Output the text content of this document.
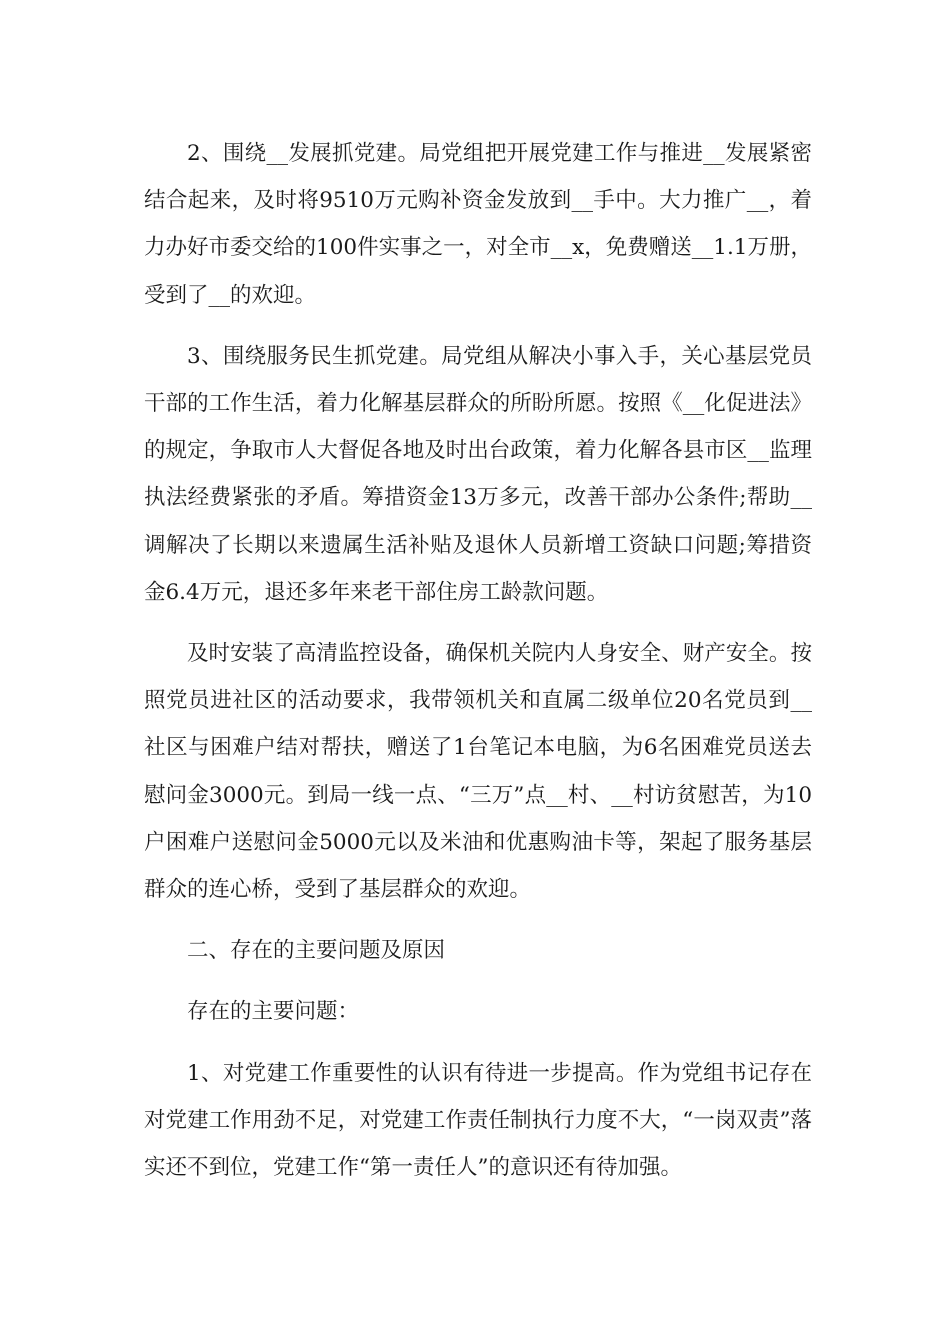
2、围绕__发展抓党建。局党组把开展党建工作与推进__发展紧密结合起来，及时将9510万元购补资金发放到__手中。大力推广__，着力办好市委交给的100件实事之一，对全市__x，免费赠送__1.1万册，受到了__的欢迎。

3、围绕服务民生抓党建。局党组从解决小事入手，关心基层党员干部的工作生活，着力化解基层群众的所盼所愿。按照《__化促进法》的规定，争取市人大督促各地及时出台政策，着力化解各县市区__监理执法经费紧张的矛盾。筹措资金13万多元，改善干部办公条件;帮助__调解决了长期以来遗属生活补贴及退休人员新增工资缺口问题;筹措资金6.4万元，退还多年来老干部住房工龄款问题。

及时安装了高清监控设备，确保机关院内人身安全、财产安全。按照党员进社区的活动要求，我带领机关和直属二级单位20名党员到__社区与困难户结对帮扶，赠送了1台笔记本电脑，为6名困难党员送去慰问金3000元。到局一线一点、“三万”点__村、__村访贫慰苦，为10户困难户送慰问金5000元以及米油和优惠购油卡等，架起了服务基层群众的连心桥，受到了基层群众的欢迎。

二、存在的主要问题及原因

存在的主要问题：

1、对党建工作重要性的认识有待进一步提高。作为党组书记存在对党建工作用劲不足，对党建工作责任制执行力度不大，“一岗双责”落实还不到位，党建工作“第一责任人”的意识还有待加强。
